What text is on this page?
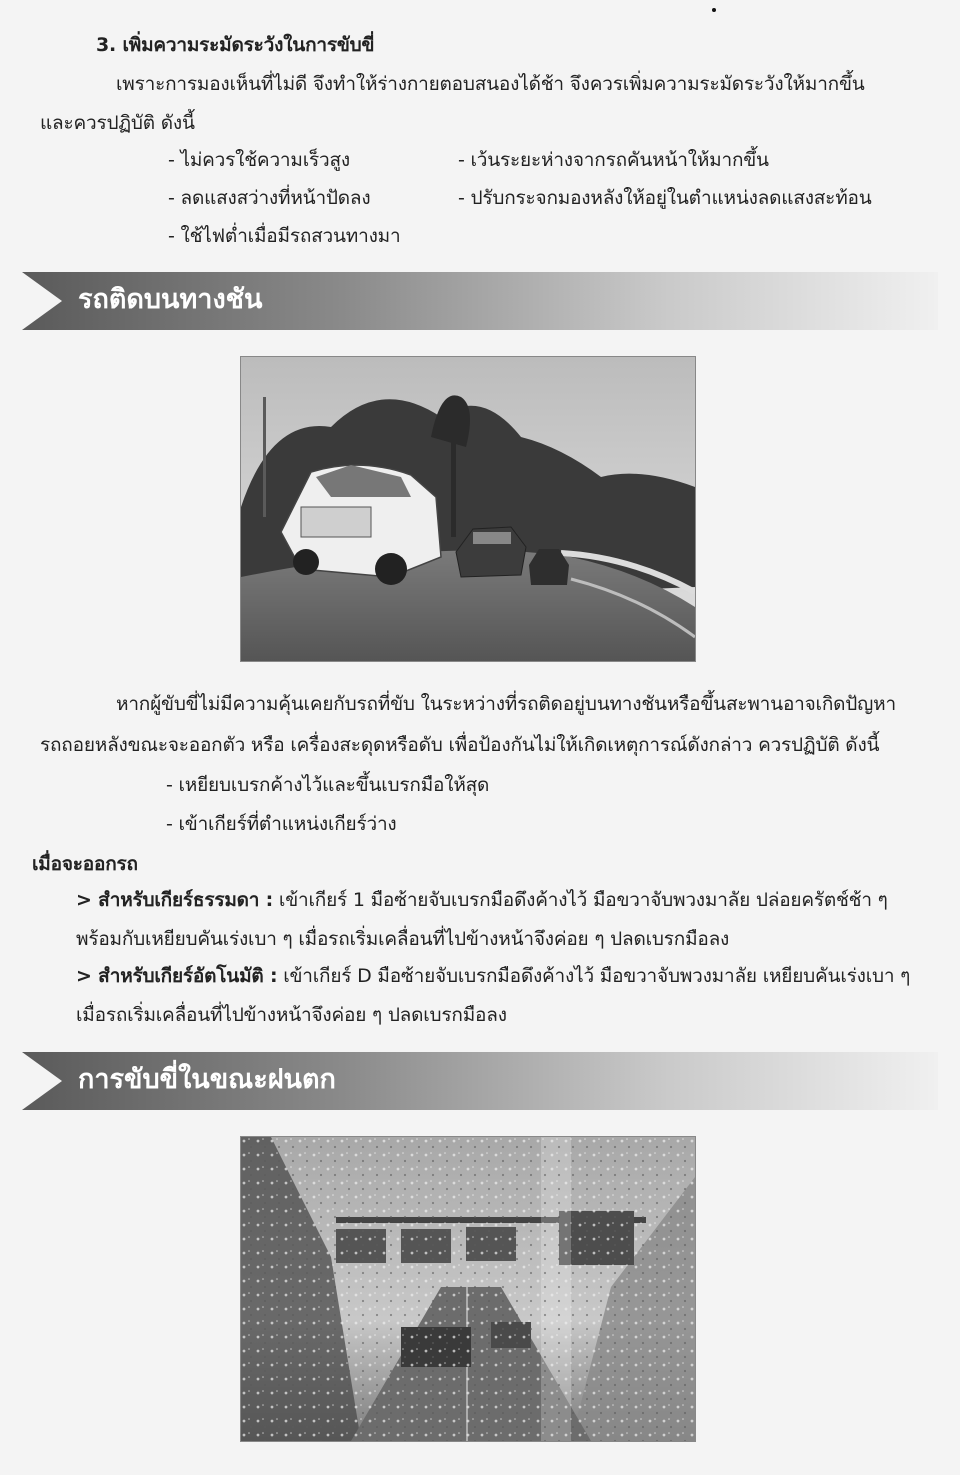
3. เพิ่มความระมัดระวังในการขับขี่
เพราะการมองเห็นที่ไม่ดี จึงทำให้ร่างกายตอบสนองได้ช้า จึงควรเพิ่มความระมัดระวังให้มากขึ้น
และควรปฏิบัติ ดังนี้
- ไม่ควรใช้ความเร็วสูง
- ลดแสงสว่างที่หน้าปัดลง
- ใช้ไฟต่ำเมื่อมีรถสวนทางมา
- เว้นระยะห่างจากรถคันหน้าให้มากขึ้น
- ปรับกระจกมองหลังให้อยู่ในตำแหน่งลดแสงสะท้อน
รถติดบนทางชัน
หากผู้ขับขี่ไม่มีความคุ้นเคยกับรถที่ขับ ในระหว่างที่รถติดอยู่บนทางชันหรือขึ้นสะพานอาจเกิดปัญหา
รถถอยหลังขณะจะออกตัว หรือ เครื่องสะดุดหรือดับ เพื่อป้องกันไม่ให้เกิดเหตุการณ์ดังกล่าว ควรปฏิบัติ ดังนี้
- เหยียบเบรกค้างไว้และขึ้นเบรกมือให้สุด
- เข้าเกียร์ที่ตำแหน่งเกียร์ว่าง
เมื่อจะออกรถ
> สำหรับเกียร์ธรรมดา : เข้าเกียร์ 1 มือซ้ายจับเบรกมือดึงค้างไว้ มือขวาจับพวงมาลัย ปล่อยครัตช์ช้า ๆ
พร้อมกับเหยียบคันเร่งเบา ๆ เมื่อรถเริ่มเคลื่อนที่ไปข้างหน้าจึงค่อย ๆ ปลดเบรกมือลง
> สำหรับเกียร์อัตโนมัติ : เข้าเกียร์ D มือซ้ายจับเบรกมือดึงค้างไว้ มือขวาจับพวงมาลัย เหยียบคันเร่งเบา ๆ
เมื่อรถเริ่มเคลื่อนที่ไปข้างหน้าจึงค่อย ๆ ปลดเบรกมือลง
การขับขี่ในขณะฝนตก
